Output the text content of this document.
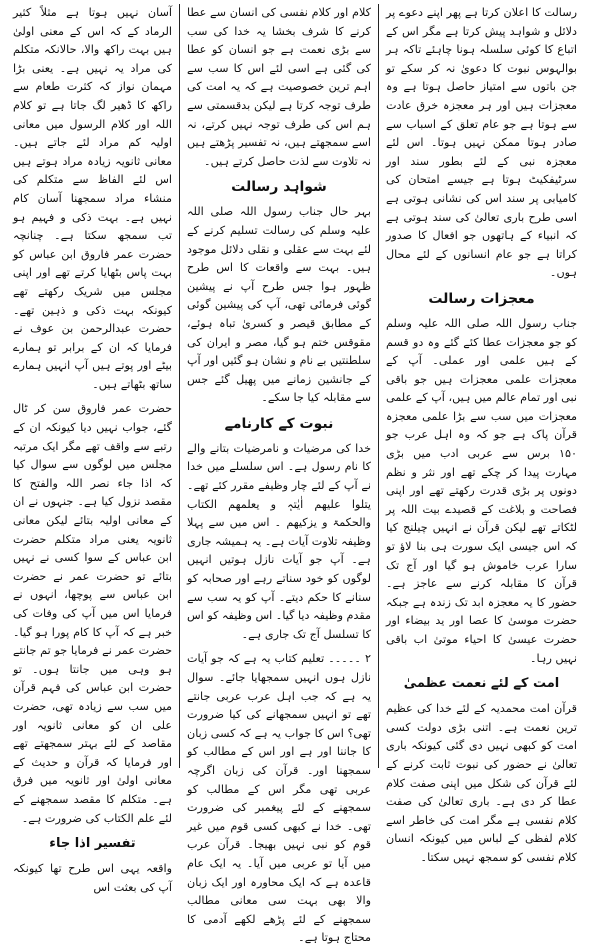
رسالت کا اعلان کرتا ہے پھر اپنے دعوے پر دلائل و شواہد پیش کرتا ہے مگر اس کے اتباع کا کوئی سلسلہ ہونا چاہئے تاکہ ہر بوالہوس نبوت کا دعویٰ نہ کر سکے تو جن باتوں سے امتیاز حاصل ہوتا ہے وہ معجزات ہیں اور ہر معجزہ خرق عادت سے ہوتا ہے جو عام تعلق کے اسباب سے صادر ہوتا ممکن نہیں ہوتا۔ اس لئے معجزہ نبی کے لئے بطور سند اور سرٹیفکیٹ ہوتا ہے جیسے امتحان کی کامیابی پر سند اس کی نشانی ہوتی ہے اسی طرح باری تعالیٰ کی سند ہوتی ہے کہ انبیاء کے ہاتھوں جو افعال کا صدور کراتا ہے جو عام انسانوں کے لئے محال ہوں۔

معجزات رسالت

جناب رسول اللہ صلی اللہ علیہ وسلم کو جو معجزات عطا کئے گئے وہ دو قسم کے ہیں علمی اور عملی۔ آپ کے معجزات علمی معجزات ہیں جو باقی نبی اور تمام عالم میں ہیں، آپ کے علمی معجزات میں سب سے بڑا علمی معجزہ قرآن پاک ہے جو کہ وہ اہل عرب جو ۱۵۰ برس سے عربی ادب میں بڑی مہارت پیدا کر چکے تھے اور نثر و نظم دونوں پر بڑی قدرت رکھتے تھے اور اپنی فصاحت و بلاغت کے قصیدے بیت اللہ پر لٹکاتے تھے لیکن قرآن نے انہیں چیلنج کیا کہ اس جیسی ایک سورت ہی بنا لاؤ تو سارا عرب خاموش ہو گیا اور آج تک قرآن کا مقابلہ کرنے سے عاجز ہے۔ حضور کا یہ معجزہ ابد تک زندہ ہے جبکہ حضرت موسیٰ کا عصا اور ید بیضاء اور حضرت عیسیٰ کا احیاء موتیٰ اب باقی نہیں رہا۔

امت کے لئے نعمت عظمیٰ

قرآن امت محمدیہ کے لئے خدا کی عظیم ترین نعمت ہے۔ اتنی بڑی دولت کسی امت کو کبھی نہیں دی گئی کیونکہ باری تعالیٰ نے حضور کی نبوت ثابت کرنے کے لئے قرآن کی شکل میں اپنی صفت کلام عطا کر دی ہے۔ باری تعالیٰ کی صفت کلام نفسی ہے مگر امت کی خاطر اسے کلام لفظی کے لباس میں کیونکہ انسان کلام نفسی کو سمجھ نہیں سکتا۔

کلام اور کلام نفسی کی انسان سے عطا کرنے کا شرف بخشا یہ خدا کی سب سے بڑی نعمت ہے جو انسان کو عطا کی گئی ہے اسی لئے اس کا سب سے اہم ترین خصوصیت ہے کہ یہ امت کی طرف توجہ کرتا ہے لیکن بدقسمتی سے ہم اس کی طرف توجہ نہیں کرتے، نہ اسے سمجھتے ہیں، نہ تفسیر پڑھتے ہیں نہ تلاوت سے لذت حاصل کرتے ہیں۔

شواہد رسالت

بہر حال جناب رسول اللہ صلی اللہ علیہ وسلم کی رسالت تسلیم کرنے کے لئے بہت سے عقلی و نقلی دلائل موجود ہیں۔ بہت سے واقعات کا اس طرح ظہور ہوا جس طرح آپ نے پیشین گوئی فرمائی تھی، آپ کی پیشین گوئی کے مطابق قیصر و کسریٰ تباہ ہوئے، مقوقس ختم ہو گیا، مصر و ایران کی سلطنتیں بے نام و نشان ہو گئیں اور آپ کے جانشین زمانے میں پھیل گئے جس سے مقابلہ کیا جا سکے۔

نبوت کے کارنامے

خدا کی مرضیات و نامرضیات بتانے والے کا نام رسول ہے۔ اس سلسلے میں خدا نے آپ کے لئے چار وظیفے مقرر کئے تھے۔ یتلوا علیھم اٰیٰتہٖ و یعلمھم الکتاب والحکمۃ و یزکیھم ۔ اس میں سے پہلا وظیفہ تلاوت آیات ہے۔ یہ ہمیشہ جاری ہے۔ آپ جو آیات نازل ہوتیں انہیں لوگوں کو خود سناتے رہے اور صحابہ کو سنانے کا حکم دیتے۔ آپ کو یہ سب سے مقدم وظیفہ دیا گیا۔ اس وظیفہ کو اس کا تسلسل آج تک جاری ہے۔

۲ ۔۔۔۔۔ تعلیم کتاب یہ ہے کہ جو آیات نازل ہوں انہیں سمجھایا جائے۔ سوال یہ ہے کہ جب اہل عرب عربی جانتے تھے تو انہیں سمجھانے کی کیا ضرورت تھی؟ اس کا جواب یہ ہے کہ کسی زبان کا جاننا اور ہے اور اس کے مطالب کو سمجھنا اور۔ قرآن کی زبان اگرچہ عربی تھی مگر اس کے مطالب کو سمجھنے کے لئے پیغمبر کی ضرورت تھی۔ خدا نے کبھی کسی قوم میں غیر قوم کو نبی نہیں بھیجا۔ قرآن عرب میں آیا تو عربی میں آیا۔ یہ ایک عام قاعدہ ہے کہ ایک محاورہ اور ایک زبان والا بھی بہت سی معانی مطالب سمجھنے کے لئے پڑھے لکھے آدمی کا محتاج ہوتا ہے۔

آسان نہیں ہوتا ہے مثلاً کثیر الرماد کے کہ اس کے معنی اولیٰ ہیں بہت راکھ والا، حالانکہ متکلم کی مراد یہ نہیں ہے۔ یعنی بڑا مہمان نواز کہ کثرت طعام سے راکھ کا ڈھیر لگ جاتا ہے تو کلام اللہ اور کلام الرسول میں معانی اولیہ کم مراد لئے جاتے ہیں۔ معانی ثانویہ زیادہ مراد ہوتے ہیں اس لئے الفاظ سے متکلم کی منشاء مراد سمجھنا آسان کام نہیں ہے۔ بہت ذکی و فہیم ہو تب سمجھ سکتا ہے۔ چنانچہ حضرت عمر فاروق ابن عباس کو بہت پاس بٹھایا کرتے تھے اور اپنی مجلس میں شریک رکھتے تھے کیونکہ بہت ذکی و ذہین تھے۔ حضرت عبدالرحمن بن عوف نے فرمایا کہ ان کے برابر تو ہمارے بیٹے اور پوتے ہیں آپ انہیں ہمارے ساتھ بٹھاتے ہیں۔

حضرت عمر فاروق سن کر ٹال گئے، جواب نہیں دیا کیونکہ ان کے رتبے سے واقف تھے مگر ایک مرتبہ مجلس میں لوگوں سے سوال کیا کہ اذا جاء نصر اللہ والفتح کا مقصد نزول کیا ہے۔ جنہوں نے ان کے معانی اولیہ بتائے لیکن معانی ثانویہ یعنی مراد متکلم حضرت ابن عباس کے سوا کسی نے نہیں بتائے تو حضرت عمر نے حضرت ابن عباس سے پوچھا، انہوں نے فرمایا اس میں آپ کی وفات کی خبر ہے کہ آپ کا کام پورا ہو گیا۔ حضرت عمر نے فرمایا جو تم جانتے ہو وہی میں جانتا ہوں۔ تو حضرت ابن عباس کی فہم قرآن میں سب سے زیادہ تھی، حضرت علی ان کو معانی ثانویہ اور مقاصد کے لئے بہتر سمجھتے تھے اور فرمایا کہ قرآن و حدیث کے معانی اولیٰ اور ثانویہ میں فرق ہے۔ متکلم کا مقصد سمجھنے کے لئے علم الکتاب کی ضرورت ہے۔

تفسیر اذا جاء

واقعہ یہی اس طرح تھا کیونکہ آپ کی بعثت اس
